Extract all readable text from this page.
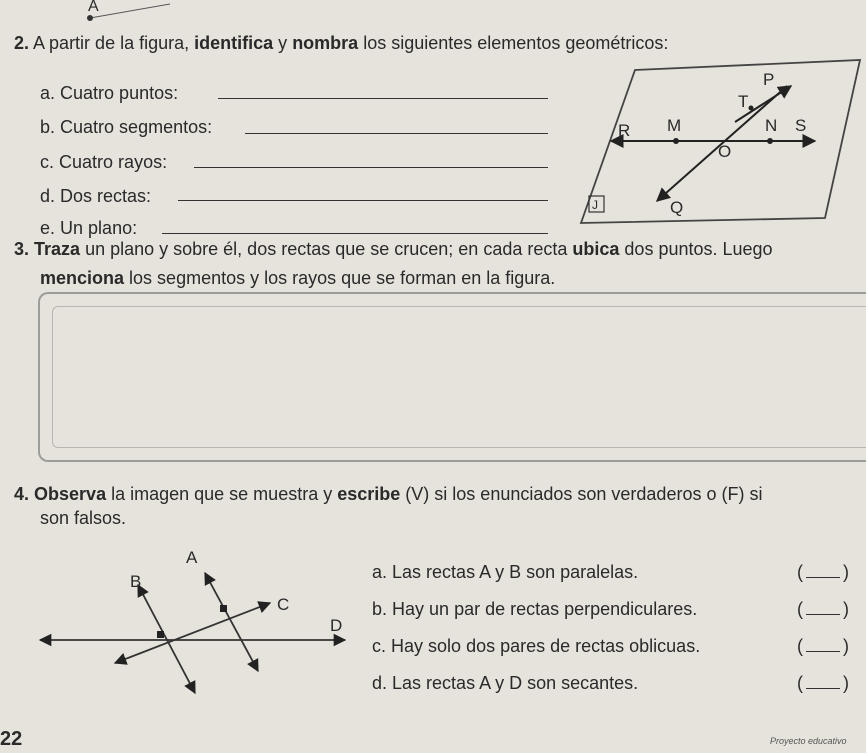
A
2. A partir de la figura, identifica y nombra los siguientes elementos geométricos:
a. Cuatro puntos:
b. Cuatro segmentos:
c. Cuatro rayos:
d. Dos rectas:
e. Un plano:
P
T
R M	N S
O
J	Q
3. Traza un plano y sobre él, dos rectas que se crucen; en cada recta ubica dos puntos. Luego
menciona los segmentos y los rayos que se forman en la figura.
4. Observa la imagen que se muestra y escribe (V) si los enunciados son verdaderos o (F) si
son falsos.
A
B
C
D
a. Las rectas A y B son paralelas.	( )
b. Hay un par de rectas perpendiculares.	( )
c. Hay solo dos pares de rectas oblicuas.	( )
d. Las rectas A y D son secantes.	( )
22	Proyecto educativo
